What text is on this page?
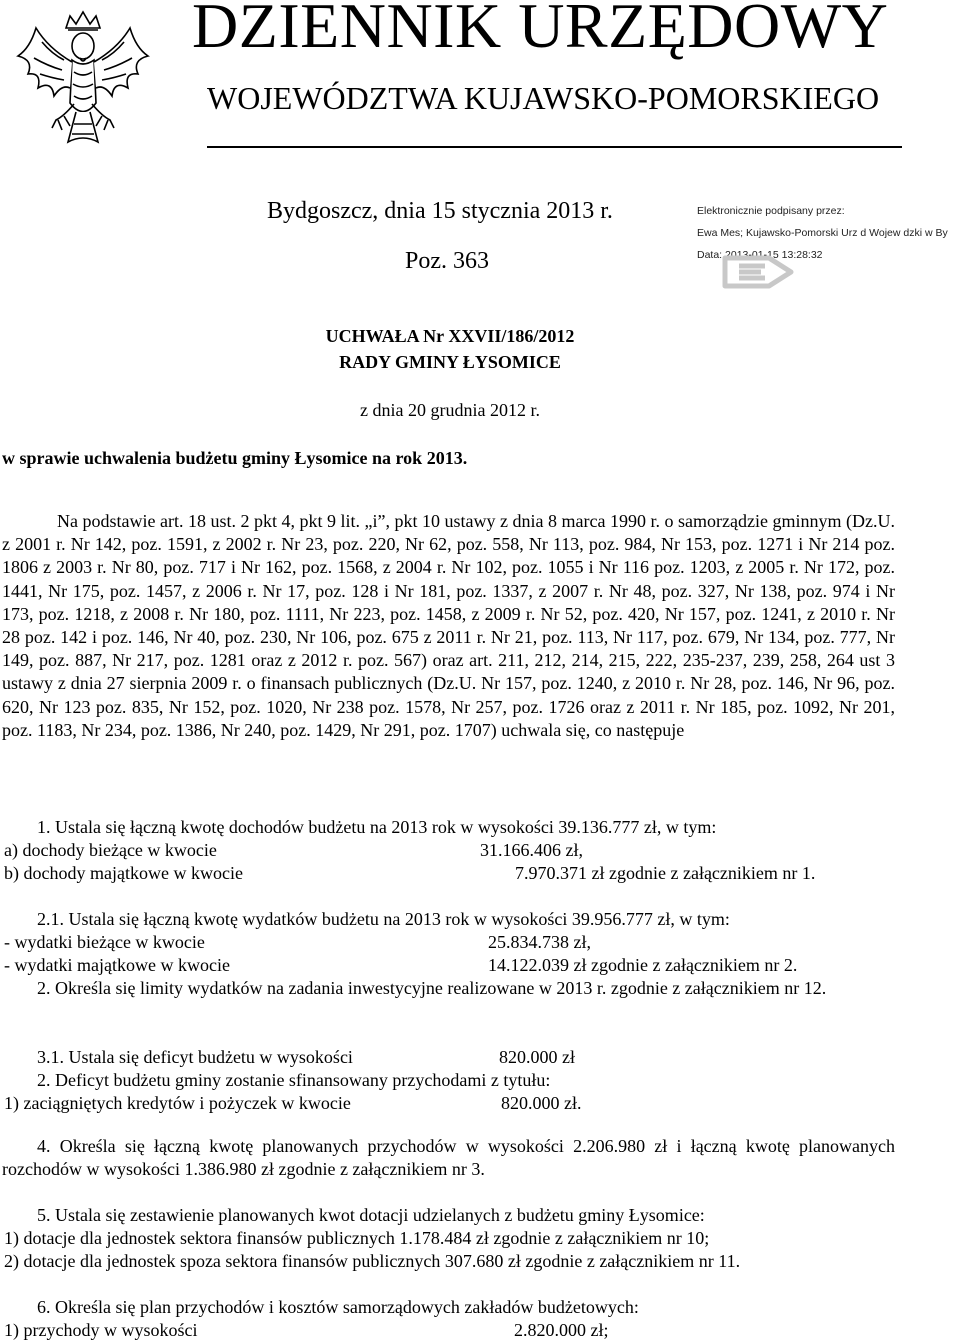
DZIENNIK URZĘDOWY
WOJEWÓDZTWA KUJAWSKO-POMORSKIEGO
Bydgoszcz, dnia 15 stycznia 2013 r.
Poz. 363
Elektronicznie podpisany przez:
Ewa Mes; Kujawsko-Pomorski Urz d Wojew dzki w By
Data: 2013-01-15 13:28:32
UCHWAŁA Nr XXVII/186/2012
RADY GMINY ŁYSOMICE
z dnia 20 grudnia 2012 r.
w sprawie uchwalenia budżetu gminy Łysomice na rok 2013.
Na podstawie art. 18 ust. 2 pkt 4, pkt 9 lit. „i”, pkt 10 ustawy z dnia 8 marca 1990 r. o samorządzie gminnym (Dz.U. z 2001 r. Nr 142, poz. 1591, z 2002 r. Nr 23, poz. 220, Nr 62, poz. 558, Nr 113, poz. 984, Nr 153, poz. 1271 i Nr 214 poz. 1806 z 2003 r. Nr 80, poz. 717 i Nr 162, poz. 1568, z 2004 r. Nr 102, poz. 1055 i Nr 116 poz. 1203, z 2005 r. Nr 172, poz. 1441, Nr 175, poz. 1457, z 2006 r. Nr 17, poz. 128 i Nr 181, poz. 1337, z 2007 r. Nr 48, poz. 327, Nr 138, poz. 974 i Nr 173, poz. 1218, z 2008 r. Nr 180, poz. 1111, Nr 223, poz. 1458, z 2009 r. Nr 52, poz. 420, Nr 157, poz. 1241, z 2010 r. Nr 28 poz. 142 i poz. 146, Nr 40, poz. 230, Nr 106, poz. 675 z 2011 r. Nr 21, poz. 113, Nr 117, poz. 679, Nr 134, poz. 777, Nr 149, poz. 887, Nr 217, poz. 1281 oraz z 2012 r. poz. 567) oraz art. 211, 212, 214, 215, 222, 235-237, 239, 258, 264 ust 3 ustawy z dnia 27 sierpnia 2009 r. o finansach publicznych (Dz.U. Nr 157, poz. 1240, z 2010 r. Nr 28, poz. 146, Nr 96, poz. 620, Nr 123 poz. 835, Nr 152, poz. 1020, Nr 238 poz. 1578, Nr 257, poz. 1726 oraz z 2011 r. Nr 185, poz. 1092, Nr 201, poz. 1183, Nr 234, poz. 1386, Nr 240, poz. 1429, Nr 291, poz. 1707) uchwala się, co następuje
1. Ustala się łączną kwotę dochodów budżetu na 2013 rok w wysokości 39.136.777 zł, w tym:
a) dochody bieżące w kwocie	31.166.406 zł,
b) dochody majątkowe w kwocie	7.970.371 zł zgodnie z załącznikiem nr 1.
2.1. Ustala się łączną kwotę wydatków budżetu na 2013 rok w wysokości 39.956.777 zł, w tym:
- wydatki bieżące w kwocie	25.834.738 zł,
- wydatki majątkowe w kwocie	14.122.039 zł zgodnie z załącznikiem nr 2.
2. Określa się limity wydatków na zadania inwestycyjne realizowane w 2013 r. zgodnie z załącznikiem nr 12.
3.1. Ustala się deficyt budżetu w wysokości	820.000 zł
2. Deficyt budżetu gminy zostanie sfinansowany przychodami z tytułu:
1) zaciągniętych kredytów i pożyczek w kwocie	820.000 zł.
4. Określa się łączną kwotę planowanych przychodów w wysokości 2.206.980 zł i łączną kwotę planowanych rozchodów w wysokości 1.386.980 zł zgodnie z załącznikiem nr 3.
5. Ustala się zestawienie planowanych kwot dotacji udzielanych z budżetu gminy Łysomice:
1) dotacje dla jednostek sektora finansów publicznych 1.178.484 zł zgodnie z załącznikiem nr 10;
2) dotacje dla jednostek spoza sektora finansów publicznych 307.680 zł zgodnie z załącznikiem nr 11.
6. Określa się plan przychodów i kosztów samorządowych zakładów budżetowych:
1) przychody w wysokości	2.820.000 zł;
